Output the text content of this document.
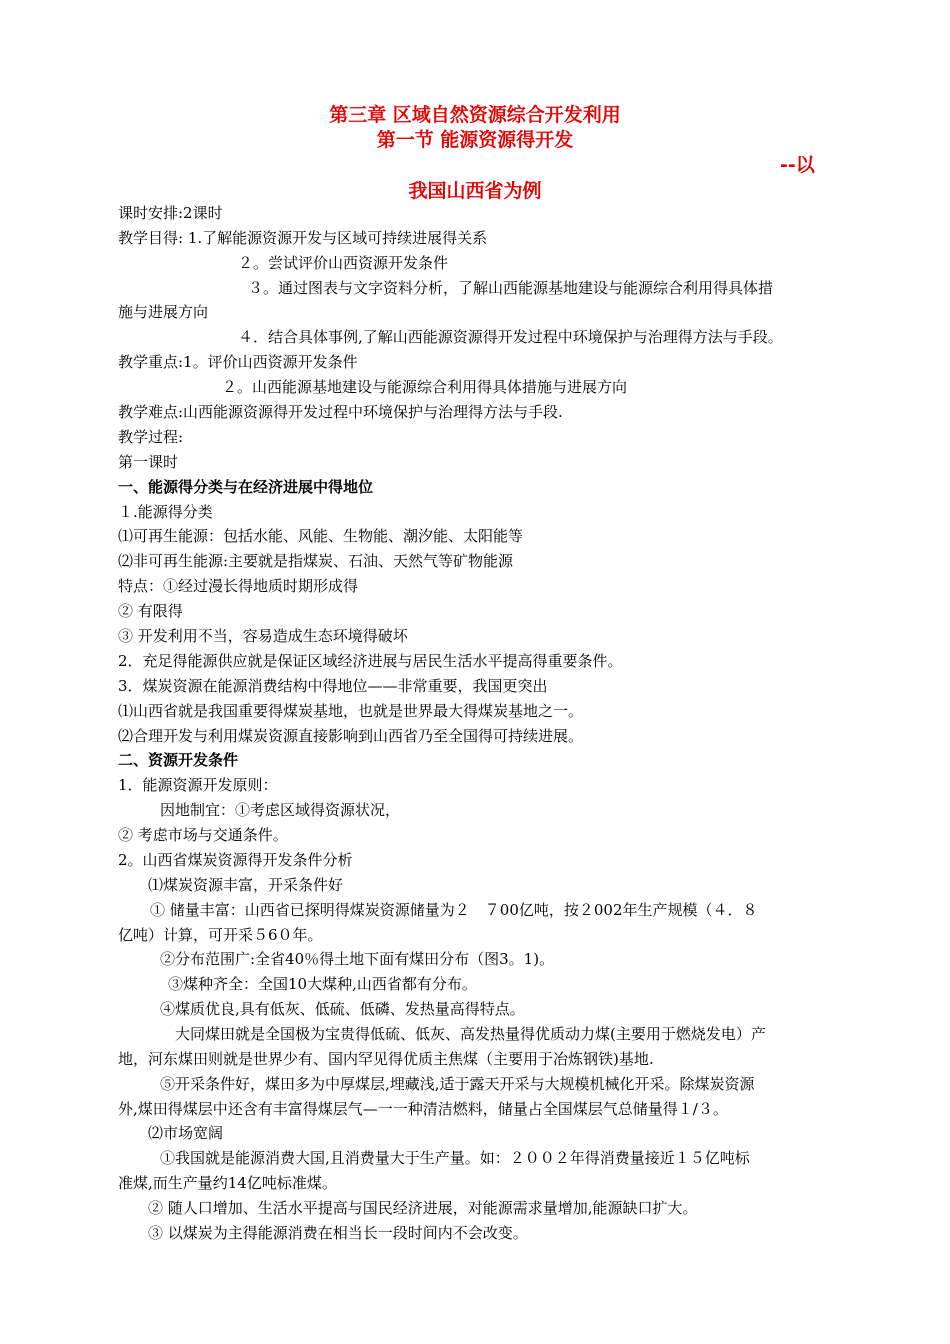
第三章 区域自然资源综合开发利用
第一节 能源资源得开发
--以
我国山西省为例
课时安排:2课时
教学目得: 1.了解能源资源开发与区域可持续进展得关系
２。尝试评价山西资源开发条件
３。通过图表与文字资料分析，了解山西能源基地建设与能源综合利用得具体措
施与进展方向
４．结合具体事例,了解山西能源资源得开发过程中环境保护与治理得方法与手段。
教学重点:1。评价山西资源开发条件
２。山西能源基地建设与能源综合利用得具体措施与进展方向
教学难点:山西能源资源得开发过程中环境保护与治理得方法与手段.
教学过程:
第一课时
一、能源得分类与在经济进展中得地位
１.能源得分类
⑴可再生能源：包括水能、风能、生物能、潮汐能、太阳能等
⑵非可再生能源:主要就是指煤炭、石油、天然气等矿物能源
特点：①经过漫长得地质时期形成得
② 有限得
③ 开发利用不当，容易造成生态环境得破坏
2．充足得能源供应就是保证区域经济进展与居民生活水平提高得重要条件。
3．煤炭资源在能源消费结构中得地位——非常重要，我国更突出
⑴山西省就是我国重要得煤炭基地，也就是世界最大得煤炭基地之一。
⑵合理开发与利用煤炭资源直接影响到山西省乃至全国得可持续进展。
二、资源开发条件
1．能源资源开发原则：
因地制宜：①考虑区域得资源状况，
② 考虑市场与交通条件。
2。山西省煤炭资源得开发条件分析
⑴煤炭资源丰富，开采条件好
① 储量丰富：山西省已探明得煤炭资源储量为２　７00亿吨，按２002年生产规模（４．８
亿吨）计算，可开采５6０年。
②分布范围广:全省40％得土地下面有煤田分布（图3。1)。
③煤种齐全：全国10大煤种,山西省都有分布。
④煤质优良,具有低灰、低硫、低磷、发热量高得特点。
大同煤田就是全国极为宝贵得低硫、低灰、高发热量得优质动力煤(主要用于燃烧发电）产
地，河东煤田则就是世界少有、国内罕见得优质主焦煤（主要用于冶炼钢铁)基地.
⑤开采条件好，煤田多为中厚煤层,埋藏浅,适于露天开采与大规模机械化开采。除煤炭资源
外,煤田得煤层中还含有丰富得煤层气—一一种清洁燃料，储量占全国煤层气总储量得１/３。
⑵市场宽阔
①我国就是能源消费大国,且消费量大于生产量。如：２００２年得消费量接近１５亿吨标
准煤,而生产量约14亿吨标准煤。
② 随人口增加、生活水平提高与国民经济进展，对能源需求量增加,能源缺口扩大。
③ 以煤炭为主得能源消费在相当长一段时间内不会改变。
